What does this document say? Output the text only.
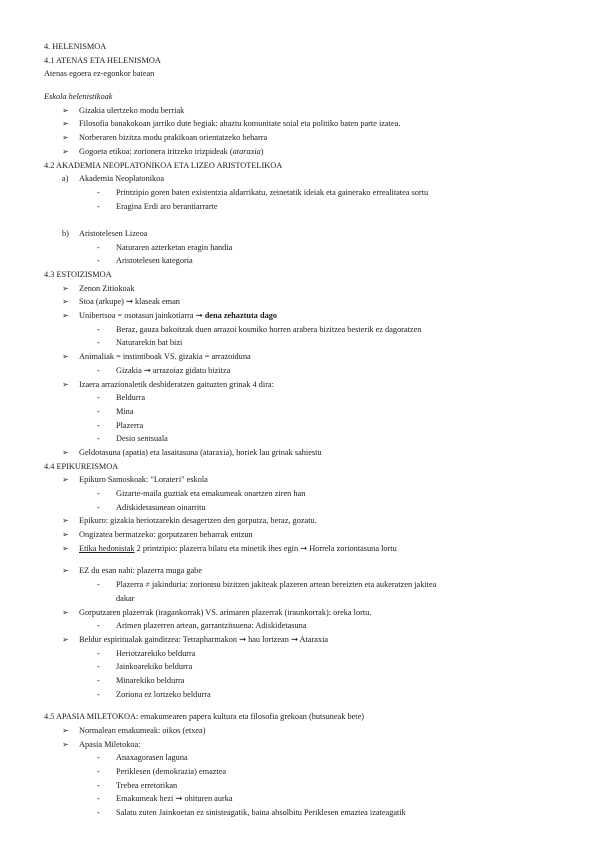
4. HELENISMOA
4.1 ATENAS ETA HELENISMOA
Atenas egoera ez-egonkor batean
Eskola helenistikoak
➢ Gizakia ulertzeko modu berriak
➢ Filosofia banakokoan jarriko dute begiak: ahaztu komunitate soial eta politiko baten parte izatea.
➢ Norberaren bizitza modu prakikoan orientatzeko beharra
➢ Gogoeta etikoa: zorionera iritzeko irizpideak (ataraxia)
4.2 AKADEMIA NEOPLATONIKOA ETA LIZEO ARISTOTELIKOA
a) Akademia Neoplatonikoa
- Printzipio goren baten existentzia aldarrikatu, zeinetatik ideiak eta gainerako errealitatea sortu
- Eragina Erdi aro berantiarrarte
b) Aristotelesen Lizeoa
- Naturaren azterketan eragin handia
- Aristotelesen kategoria
4.3 ESTOIZISMOA
➢ Zenon Zitiokoak
➢ Stoa (arkupe) ➞ klaseak eman
➢ Unibertsoa = osotasun jainkotiarra ➞ dena zehaztuta dago
- Beraz, gauza bakoitzak duen arrazoi kosmiko horren arabera bizitzea besterik ez dagoratzen
- Naturarekin bat bizi
➢ Animaliak = instintiboak VS. gizakia = arrazoiduna
- Gizakia ➞ arrazoiaz gidatu bizitza
➢ Izaera arrazionaletik desbideratzen gaituzten grinak 4 dira:
- Beldurra
- Mina
- Plazerra
- Desio sentsuala
➢ Geldotasuna (apatia) eta lasaitasuna (ataraxia), horiek lau grinak sahiestu
4.4 EPIKUREISMOA
➢ Epikuro Samoskoak: "Loratегi" eskola
- Gizarte-maila guztiak eta emakumeak onartzen ziren han
- Adiskidetasunean oinarritu
➢ Epikuro: gizakia heriotzarekin desagertzen den gorputza, beraz, gozatu.
➢ Ongizatea bermatzeko: gorputzaren beharrak entzun
➢ Etika hedonistak 2 printzipio: plazerra bilatu eta minetik ihes egin ➞ Horrela zoriontasuna lortu
➢ EZ du esan nahi: plazerra muga gabe
- Plazerra ≠ jakinduria: zoriontsu bizitzen jakiteak plazeren artean bereizten eta aukeratzen jakitea
dakar
➢ Gorputzaren plazerrak (iragankorrak) VS. arimaren plazerrak (iraunkorrak): oreka lortu.
- Arimen plazerren artean, garrantzitsuena: Adiskidetasuna
➢ Beldur espiritualak gainditzea: Tetrapharmakon ➞ hau lortzean ➞ Ataraxia
- Heriotzarekiko beldurra
- Jainkoarekiko beldurra
- Minarekiko beldurra
- Zoriona ez lortzeko beldurra
4.5 APASIA MILETOKOA: emakumearen papera kultura eta filosofia grekoan (hutsuneak bete)
➢ Normalean emakumeak: oikos (etxea)
➢ Apasia Miletokoa:
- Anaxagorasen laguna
- Periklesen (demokrazia) emaztea
- Trebea erretorikan
- Emakumeak hezi ➞ ohituren aurka
- Salatu zuten Jainkoetan ez sinisteagatik, baina absolbitu Periklesen emaztea izateagatik
